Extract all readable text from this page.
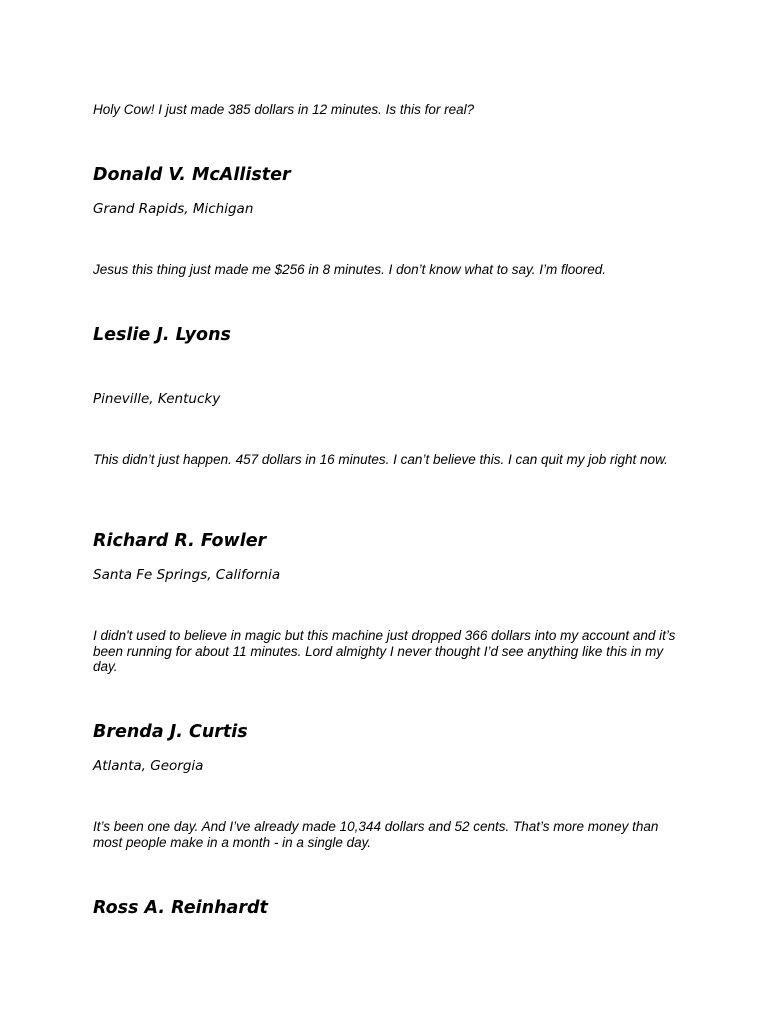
Holy Cow! I just made 385 dollars in 12 minutes. Is this for real?

Donald V. McAllister

Grand Rapids, Michigan

Jesus this thing just made me $256 in 8 minutes. I don’t know what to say. I’m floored.

Leslie J. Lyons

Pineville, Kentucky

This didn’t just happen. 457 dollars in 16 minutes. I can’t believe this. I can quit my job right now.

Richard R. Fowler

Santa Fe Springs, California

I didn't used to believe in magic but this machine just dropped 366 dollars into my account and it’s been running for about 11 minutes. Lord almighty I never thought I’d see anything like this in my day.

Brenda J. Curtis

Atlanta, Georgia

It’s been one day. And I’ve already made 10,344 dollars and 52 cents. That’s more money than most people make in a month - in a single day.

Ross A. Reinhardt
